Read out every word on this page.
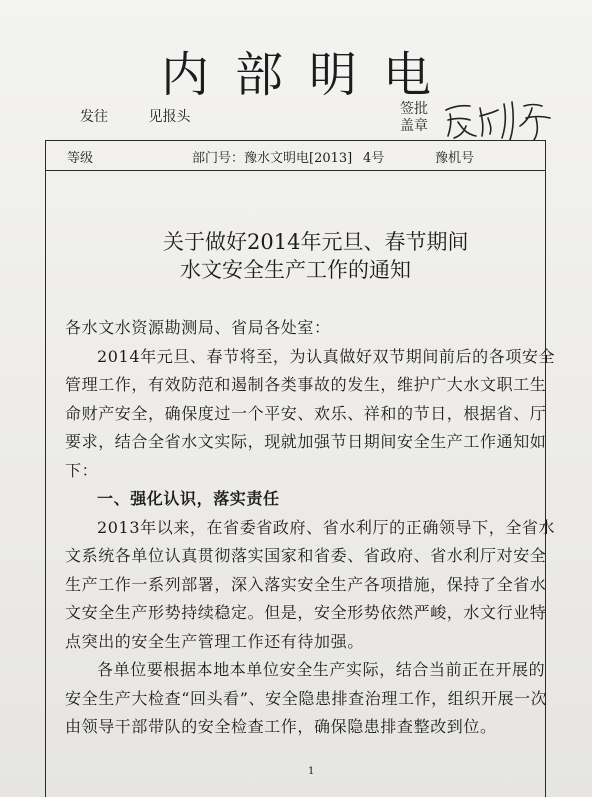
内部明电
发往	见报头	签批
盖章
等级	部门号：豫水文明电[2013] 4号	豫机号
关于做好2014年元旦、春节期间
水文安全生产工作的通知
各水文水资源勘测局、省局各处室：
2014年元旦、春节将至，为认真做好双节期间前后的各项安全
管理工作，有效防范和遏制各类事故的发生，维护广大水文职工生
命财产安全，确保度过一个平安、欢乐、祥和的节日，根据省、厅
要求，结合全省水文实际，现就加强节日期间安全生产工作通知如
下：
一、强化认识，落实责任
2013年以来，在省委省政府、省水利厅的正确领导下，全省水
文系统各单位认真贯彻落实国家和省委、省政府、省水利厅对安全
生产工作一系列部署，深入落实安全生产各项措施，保持了全省水
文安全生产形势持续稳定。但是，安全形势依然严峻，水文行业特
点突出的安全生产管理工作还有待加强。
各单位要根据本地本单位安全生产实际，结合当前正在开展的
安全生产大检查“回头看”、安全隐患排查治理工作，组织开展一次
由领导干部带队的安全检查工作，确保隐患排查整改到位。
1
